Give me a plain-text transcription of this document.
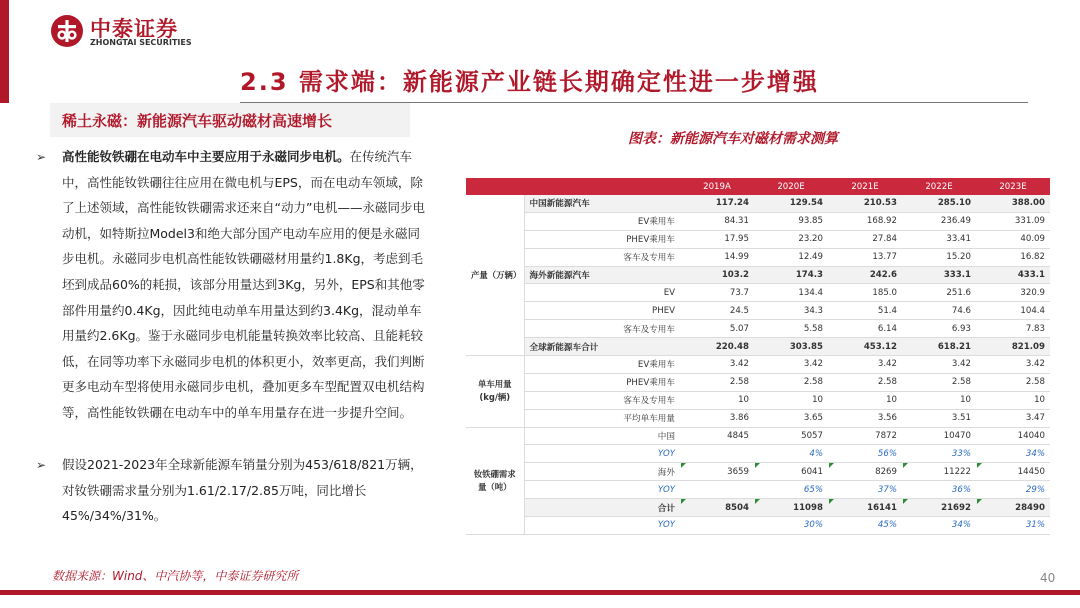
中泰证券
ZHONGTAI SECURITIES
2.3 需求端：新能源产业链长期确定性进一步增强
稀土永磁：新能源汽车驱动磁材高速增长
➢ 高性能钕铁硼在电动车中主要应用于永磁同步电机。在传统汽车中，高性能钕铁硼往往应用在微电机与EPS，而在电动车领域，除了上述领域，高性能钕铁硼需求还来自“动力”电机——永磁同步电动机，如特斯拉Model3和绝大部分国产电动车应用的便是永磁同步电机。永磁同步电机高性能钕铁硼磁材用量约1.8Kg，考虑到毛坯到成品60%的耗损，该部分用量达到3Kg，另外，EPS和其他零部件用量约0.4Kg，因此纯电动单车用量达到约3.4Kg，混动单车用量约2.6Kg。鉴于永磁同步电机能量转换效率比较高、且能耗较低，在同等功率下永磁同步电机的体积更小，效率更高，我们判断更多电动车型将使用永磁同步电机，叠加更多车型配置双电机结构等，高性能钕铁硼在电动车中的单车用量存在进一步提升空间。
➢ 假设2021-2023年全球新能源车销量分别为453/618/821万辆，对钕铁硼需求量分别为1.61/2.17/2.85万吨，同比增长45%/34%/31%。
图表：新能源汽车对磁材需求测算
		2019A	2020E	2021E	2022E	2023E
产量（万辆）	中国新能源汽车	117.24	129.54	210.53	285.10	388.00
	EV乘用车	84.31	93.85	168.92	236.49	331.09
	PHEV乘用车	17.95	23.20	27.84	33.41	40.09
	客车及专用车	14.99	12.49	13.77	15.20	16.82
	海外新能源汽车	103.2	174.3	242.6	333.1	433.1
	EV	73.7	134.4	185.0	251.6	320.9
	PHEV	24.5	34.3	51.4	74.6	104.4
	客车及专用车	5.07	5.58	6.14	6.93	7.83
	全球新能源车合计	220.48	303.85	453.12	618.21	821.09
单车用量(kg/辆)	EV乘用车	3.42	3.42	3.42	3.42	3.42
	PHEV乘用车	2.58	2.58	2.58	2.58	2.58
	客车及专用车	10	10	10	10	10
	平均单车用量	3.86	3.65	3.56	3.51	3.47
钕铁硼需求量（吨）	中国	4845	5057	7872	10470	14040
	YOY		4%	56%	33%	34%
	海外	3659	6041	8269	11222	14450
	YOY		65%	37%	36%	29%
	合计	8504	11098	16141	21692	28490
	YOY		30%	45%	34%	31%
数据来源：Wind、中汽协等，中泰证券研究所	40
